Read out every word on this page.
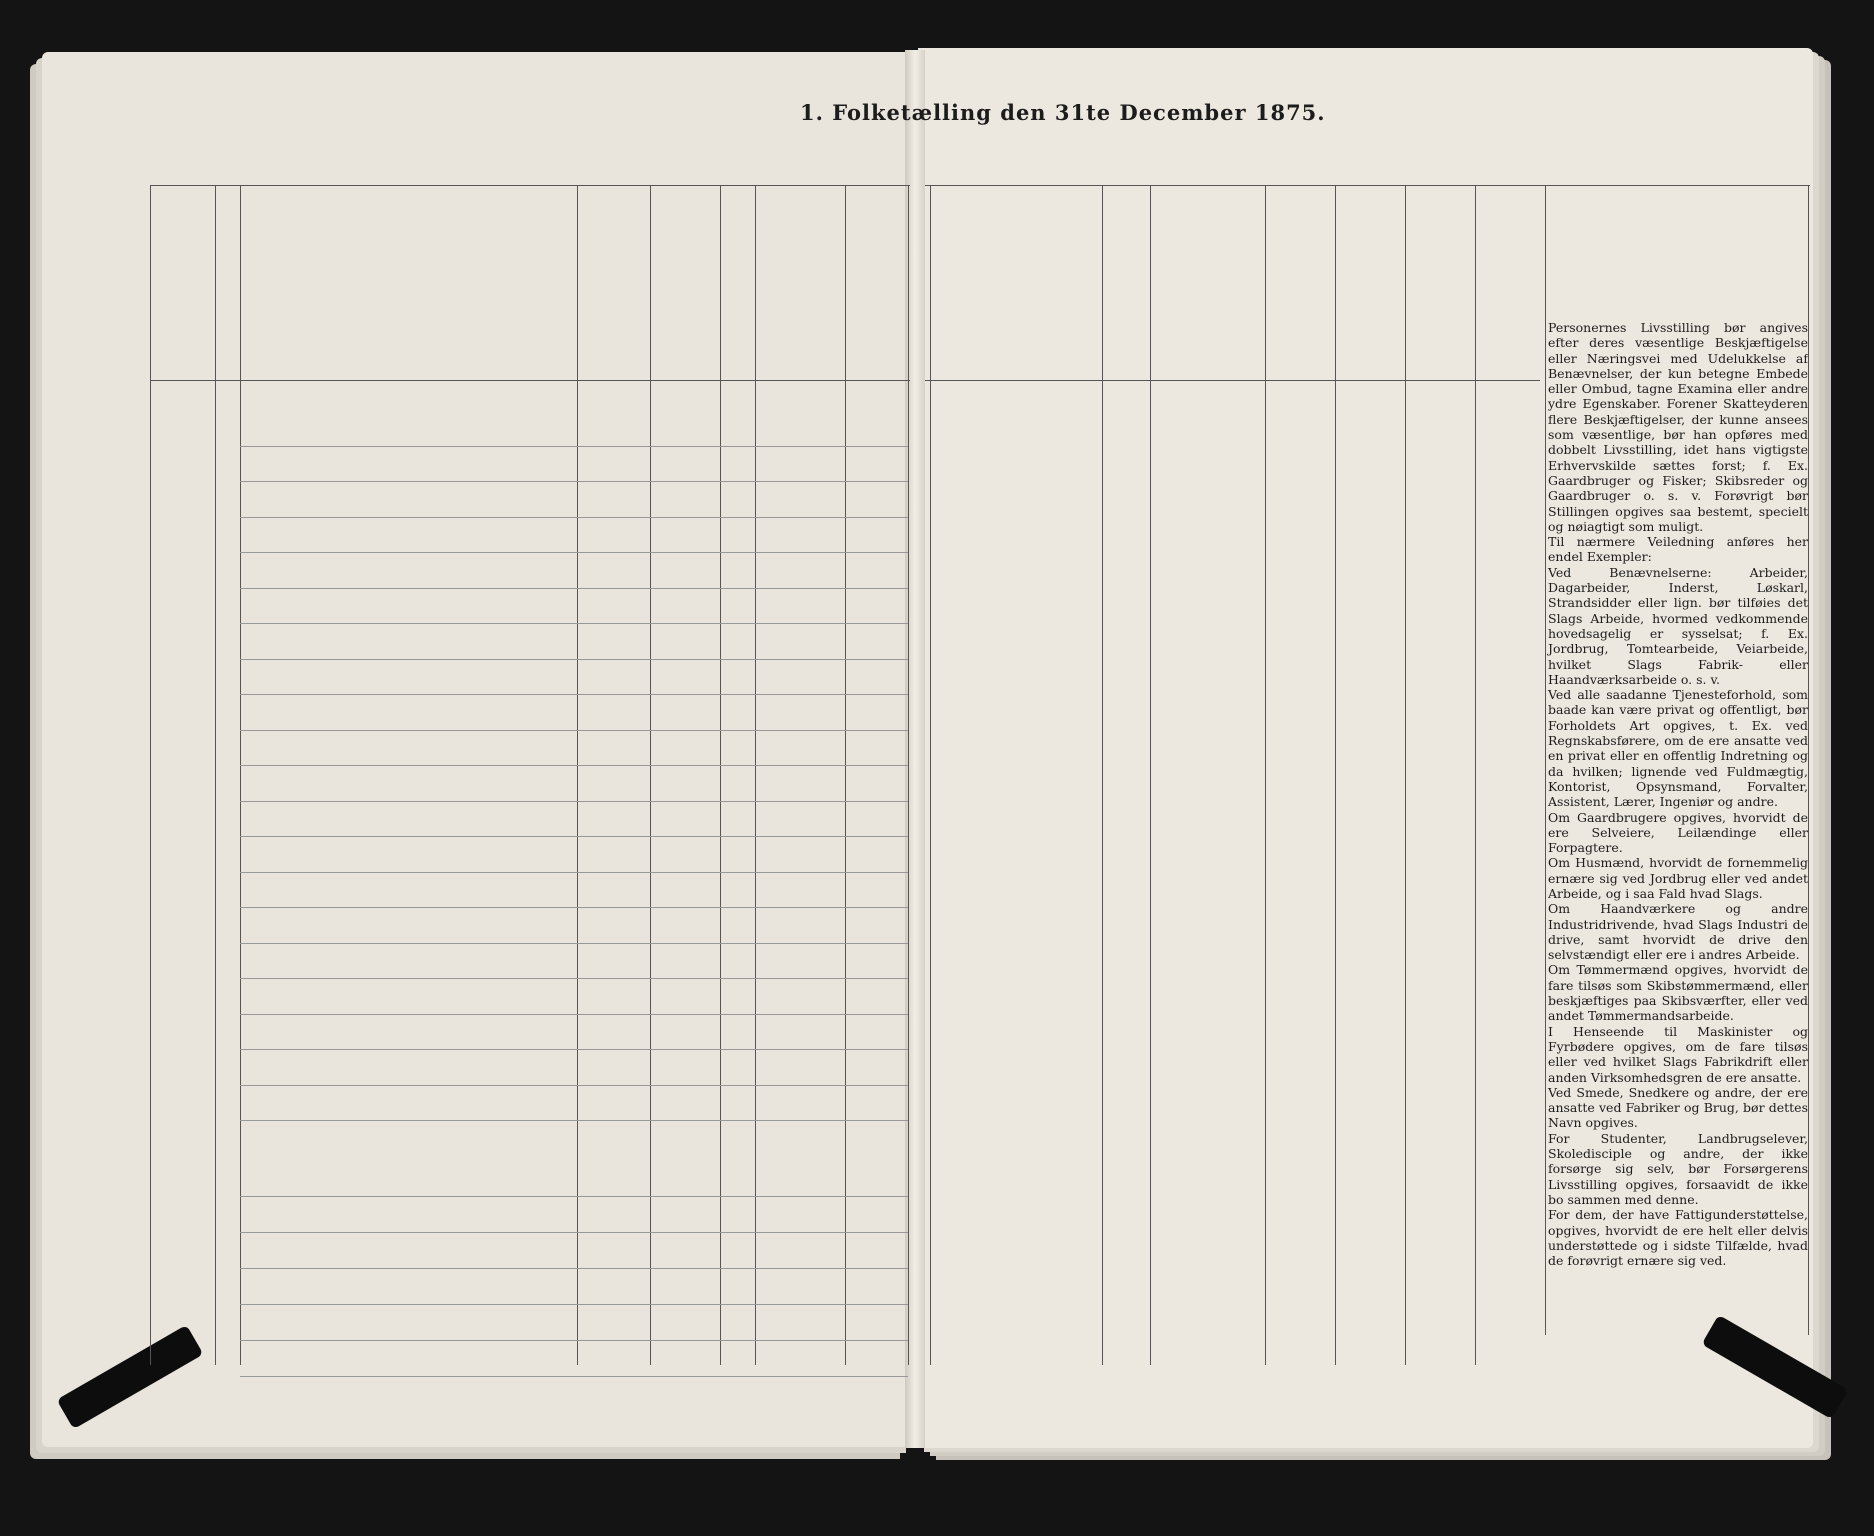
1. Folketælling den 31te December 1875.

Personernes Livsstilling bør angives efter deres væsentlige Beskjæftigelse eller Næringsvei med Udelukkelse af Benævnelser, der kun betegne Embede eller Ombud, tagne Examina eller andre ydre Egenskaber. Forener Skatteyderen flere Beskjæftigelser, der kunne ansees som væsentlige, bør han opføres med dobbelt Livsstilling, idet hans vigtigste Erhvervskilde sættes forst; f. Ex. Gaardbruger og Fisker; Skibsreder og Gaardbruger o. s. v. Forøvrigt bør Stillingen opgives saa bestemt, specielt og nøiagtigt som muligt.

Til nærmere Veiledning anføres her endel Exempler:

Ved Benævnelserne: Arbeider, Dagarbeider, Inderst, Løskarl, Strandsidder eller lign. bør tilføies det Slags Arbeide, hvormed vedkommende hovedsagelig er sysselsat; f. Ex. Jordbrug, Tomtearbeide, Veiarbeide, hvilket Slags Fabrik- eller Haandværksarbeide o. s. v.

Ved alle saadanne Tjenesteforhold, som baade kan være privat og offentligt, bør Forholdets Art opgives, t. Ex. ved Regnskabsførere, om de ere ansatte ved en privat eller en offentlig Indretning og da hvilken; lignende ved Fuldmægtig, Kontorist, Opsynsmand, Forvalter, Assistent, Lærer, Ingeniør og andre.

Om Gaardbrugere opgives, hvorvidt de ere Selveiere, Leilændinge eller Forpagtere.

Om Husmænd, hvorvidt de fornemmelig ernære sig ved Jordbrug eller ved andet Arbeide, og i saa Fald hvad Slags.

Om Haandværkere og andre Industridrivende, hvad Slags Industri de drive, samt hvorvidt de drive den selvstændigt eller ere i andres Arbeide.

Om Tømmermænd opgives, hvorvidt de fare tilsøs som Skibstømmermænd, eller beskjæftiges paa Skibsværfter, eller ved andet Tømmermandsarbeide.

I Henseende til Maskinister og Fyrbødere opgives, om de fare tilsøs eller ved hvilket Slags Fabrikdrift eller anden Virksomhedsgren de ere ansatte.

Ved Smede, Snedkere og andre, der ere ansatte ved Fabriker og Brug, bør dettes Navn opgives.

For Studenter, Landbrugselever, Skoledisciple og andre, der ikke forsørge sig selv, bør Forsørgerens Livsstilling opgives, forsaavidt de ikke bo sammen med denne.

For dem, der have Fattigunderstøttelse, opgives, hvorvidt de ere helt eller delvis understøttede og i sidste Tilfælde, hvad de forøvrigt ernære sig ved.
